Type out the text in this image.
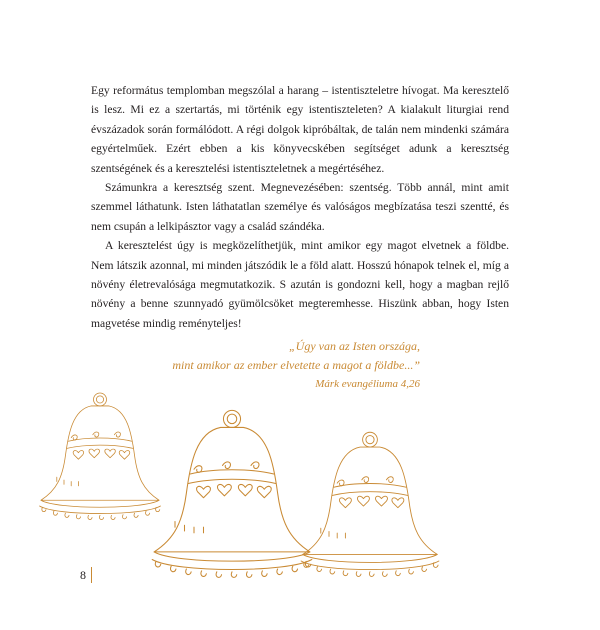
Egy református templomban megszólal a harang – istentiszteletre hívogat. Ma keresztelő is lesz. Mi ez a szertartás, mi történik egy istentiszteleten? A kialakult liturgiai rend évszázadok során formálódott. A régi dolgok kipróbáltak, de talán nem mindenki számára egyértelműek. Ezért ebben a kis könyvecskében segítséget adunk a keresztség szentségének és a keresztelési istentiszteletnek a megértéséhez.

Számunkra a keresztség szent. Megnevezésében: szentség. Több annál, mint amit szemmel láthatunk. Isten láthatatlan személye és valóságos megbízatása teszi szentté, és nem csupán a lelkipásztor vagy a család szándéka.

A keresztelést úgy is megközelíthetjük, mint amikor egy magot elvetnek a földbe. Nem látszik azonnal, mi minden játszódik le a föld alatt. Hosszú hónapok telnek el, míg a növény életrevalósága megmutatkozik. S azután is gondozni kell, hogy a magban rejlő növény a benne szunnyadó gyümölcsöket megteremhesse. Hiszünk abban, hogy Isten magvetése mindig reményteljes!

„Úgy van az Isten országa,
mint amikor az ember elvetette a magot a földbe...”
Márk evangéliuma 4,26
8
